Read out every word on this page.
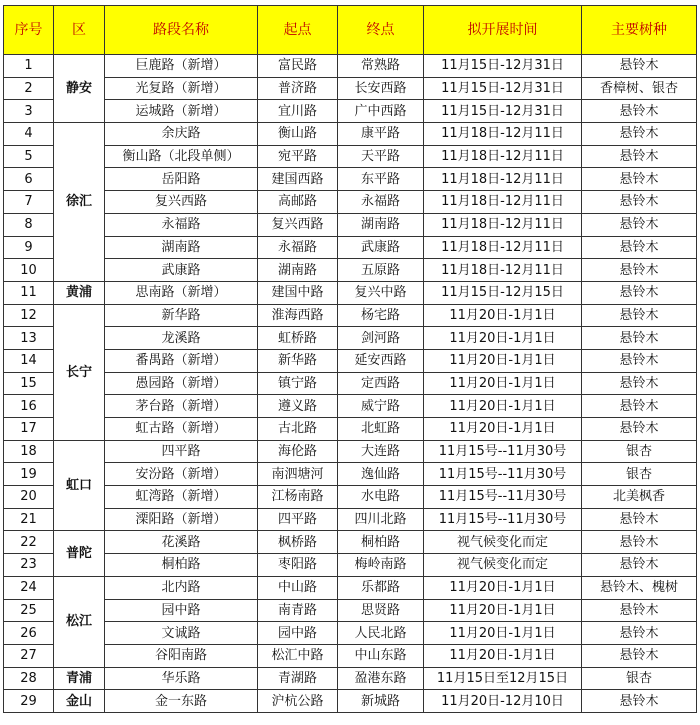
序号	区	路段名称	起点	终点	拟开展时间	主要树种
1	静安	巨鹿路（新增）	富民路	常熟路	11月15日-12月31日	悬铃木
2		光复路（新增）	普济路	长安西路	11月15日-12月31日	香樟树、银杏
3		运城路（新增）	宜川路	广中西路	11月15日-12月31日	悬铃木
4	徐汇	余庆路	衡山路	康平路	11月18日-12月11日	悬铃木
5		衡山路（北段单侧）	宛平路	天平路	11月18日-12月11日	悬铃木
6		岳阳路	建国西路	东平路	11月18日-12月11日	悬铃木
7		复兴西路	高邮路	永福路	11月18日-12月11日	悬铃木
8		永福路	复兴西路	湖南路	11月18日-12月11日	悬铃木
9		湖南路	永福路	武康路	11月18日-12月11日	悬铃木
10		武康路	湖南路	五原路	11月18日-12月11日	悬铃木
11	黄浦	思南路（新增）	建国中路	复兴中路	11月15日-12月15日	悬铃木
12	长宁	新华路	淮海西路	杨宅路	11月20日-1月1日	悬铃木
13		龙溪路	虹桥路	剑河路	11月20日-1月1日	悬铃木
14		番禺路（新增）	新华路	延安西路	11月20日-1月1日	悬铃木
15		愚园路（新增）	镇宁路	定西路	11月20日-1月1日	悬铃木
16		茅台路（新增）	遵义路	威宁路	11月20日-1月1日	悬铃木
17		虹古路（新增）	古北路	北虹路	11月20日-1月1日	悬铃木
18	虹口	四平路	海伦路	大连路	11月15号--11月30号	银杏
19		安汾路（新增）	南泗塘河	逸仙路	11月15号--11月30号	银杏
20		虹湾路（新增）	江杨南路	水电路	11月15号--11月30号	北美枫香
21		溧阳路（新增）	四平路	四川北路	11月15号--11月30号	悬铃木
22	普陀	花溪路	枫桥路	桐柏路	视气候变化而定	悬铃木
23		桐柏路	枣阳路	梅岭南路	视气候变化而定	悬铃木
24	松江	北内路	中山路	乐都路	11月20日-1月1日	悬铃木、槐树
25		园中路	南青路	思贤路	11月20日-1月1日	悬铃木
26		文诚路	园中路	人民北路	11月20日-1月1日	悬铃木
27		谷阳南路	松汇中路	中山东路	11月20日-1月1日	悬铃木
28	青浦	华乐路	青湖路	盈港东路	11月15日至12月15日	银杏
29	金山	金一东路	沪杭公路	新城路	11月20日-12月10日	悬铃木
